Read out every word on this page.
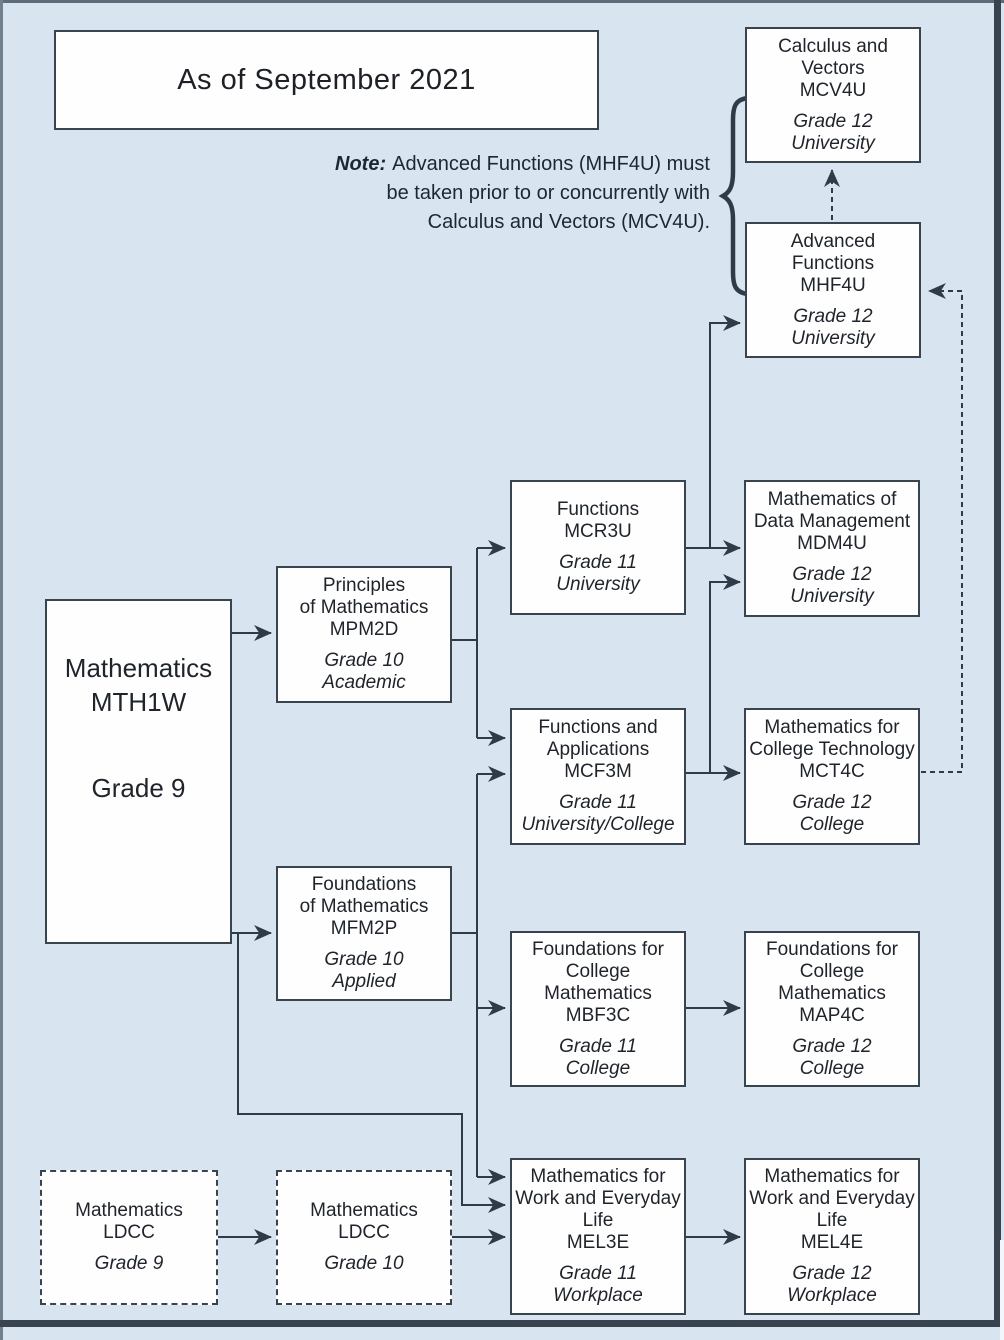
As of September 2021
Note: Advanced Functions (MHF4U) must
be taken prior to or concurrently with
Calculus and Vectors (MCV4U).
Calculus and
Vectors
MCV4U
Grade 12
University
Advanced
Functions
MHF4U
Grade 12
University
Functions
MCR3U
Grade 11
University
Mathematics of
Data Management
MDM4U
Grade 12
University
Principles
of Mathematics
MPM2D
Grade 10
Academic
Mathematics
MTH1W
Grade 9
Functions and
Applications
MCF3M
Grade 11
University/College
Mathematics for
College Technology
MCT4C
Grade 12
College
Foundations
of Mathematics
MFM2P
Grade 10
Applied
Foundations for
College
Mathematics
MBF3C
Grade 11
College
Foundations for
College
Mathematics
MAP4C
Grade 12
College
Mathematics
LDCC
Grade 9
Mathematics
LDCC
Grade 10
Mathematics for
Work and Everyday
Life
MEL3E
Grade 11
Workplace
Mathematics for
Work and Everyday
Life
MEL4E
Grade 12
Workplace
